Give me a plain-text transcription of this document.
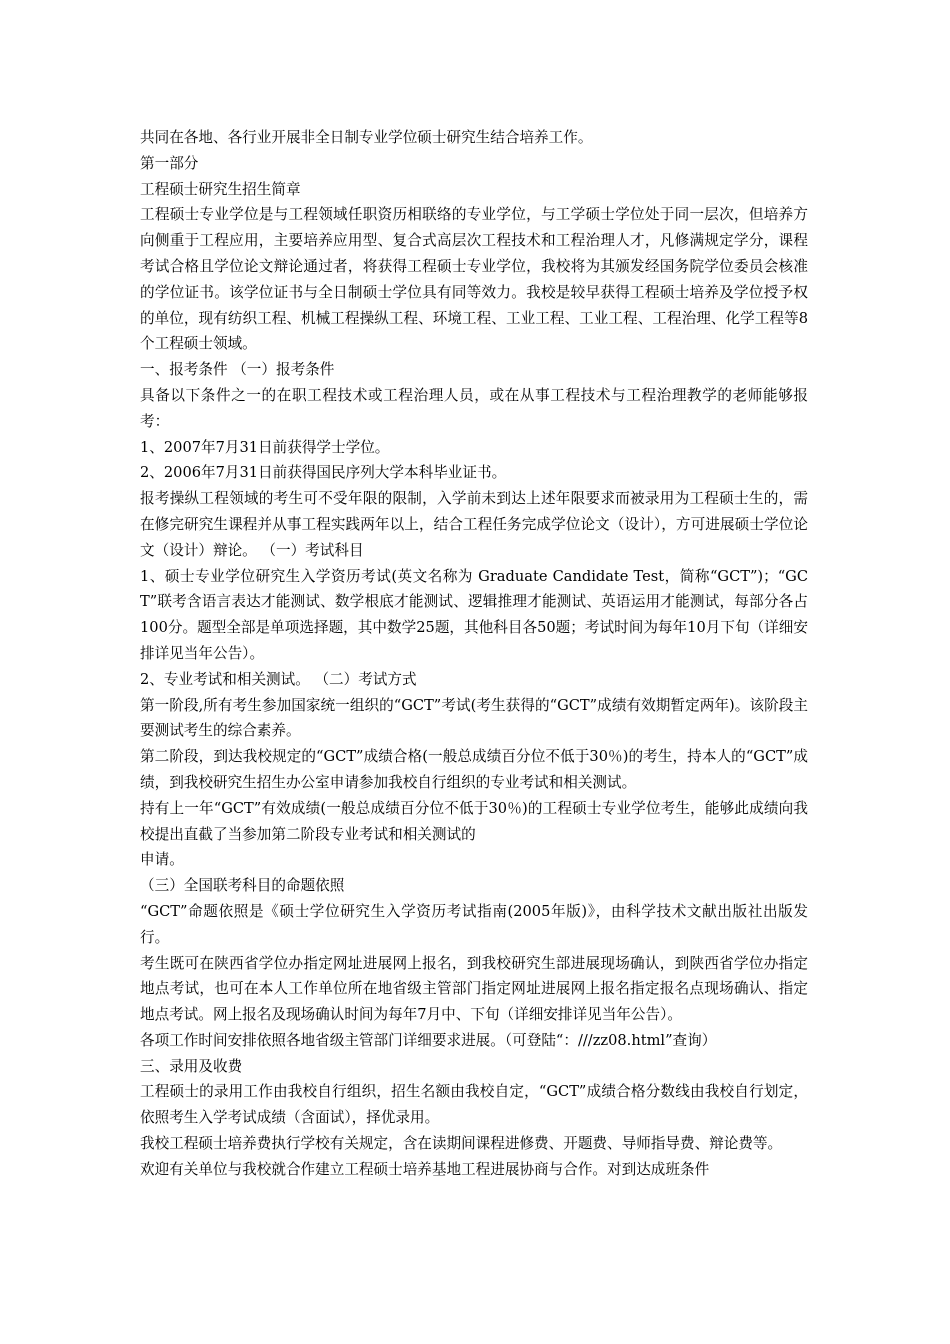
共同在各地、各行业开展非全日制专业学位硕士研究生结合培养工作。

第一部分

工程硕士研究生招生简章

工程硕士专业学位是与工程领域任职资历相联络的专业学位，与工学硕士学位处于同一层次，但培养方向侧重于工程应用，主要培养应用型、复合式高层次工程技术和工程治理人才，凡修满规定学分，课程考试合格且学位论文辩论通过者，将获得工程硕士专业学位，我校将为其颁发经国务院学位委员会核准的学位证书。该学位证书与全日制硕士学位具有同等效力。我校是较早获得工程硕士培养及学位授予权的单位，现有纺织工程、机械工程操纵工程、环境工程、工业工程、工业工程、工程治理、化学工程等8个工程硕士领域。

一、报考条件 （一）报考条件

具备以下条件之一的在职工程技术或工程治理人员，或在从事工程技术与工程治理教学的老师能够报考：

1、2007年7月31日前获得学士学位。

2、2006年7月31日前获得国民序列大学本科毕业证书。

报考操纵工程领域的考生可不受年限的限制，入学前未到达上述年限要求而被录用为工程硕士生的，需在修完研究生课程并从事工程实践两年以上，结合工程任务完成学位论文（设计），方可进展硕士学位论文（设计）辩论。 （一）考试科目

1、硕士专业学位研究生入学资历考试(英文名称为 Graduate Candidate Test，简称“GCT”)；“GCT”联考含语言表达才能测试、数学根底才能测试、逻辑推理才能测试、英语运用才能测试，每部分各占100分。题型全部是单项选择题，其中数学25题，其他科目各50题；考试时间为每年10月下旬（详细安排详见当年公告）。

2、专业考试和相关测试。 （二）考试方式

第一阶段,所有考生参加国家统一组织的“GCT”考试(考生获得的“GCT”成绩有效期暂定两年)。该阶段主要测试考生的综合素养。

第二阶段，到达我校规定的“GCT”成绩合格(一般总成绩百分位不低于30％)的考生，持本人的“GCT”成绩，到我校研究生招生办公室申请参加我校自行组织的专业考试和相关测试。

持有上一年“GCT”有效成绩(一般总成绩百分位不低于30％)的工程硕士专业学位考生，能够此成绩向我校提出直截了当参加第二阶段专业考试和相关测试的

申请。

（三）全国联考科目的命题依照

“GCT”命题依照是《硕士学位研究生入学资历考试指南(2005年版)》，由科学技术文献出版社出版发行。

考生既可在陕西省学位办指定网址进展网上报名，到我校研究生部进展现场确认，到陕西省学位办指定地点考试，也可在本人工作单位所在地省级主管部门指定网址进展网上报名指定报名点现场确认、指定地点考试。网上报名及现场确认时间为每年7月中、下旬（详细安排详见当年公告）。

各项工作时间安排依照各地省级主管部门详细要求进展。（可登陆“：///zz08.html”查询）

三、录用及收费

工程硕士的录用工作由我校自行组织，招生名额由我校自定，“GCT”成绩合格分数线由我校自行划定，依照考生入学考试成绩（含面试），择优录用。

我校工程硕士培养费执行学校有关规定，含在读期间课程进修费、开题费、导师指导费、辩论费等。

欢迎有关单位与我校就合作建立工程硕士培养基地工程进展协商与合作。对到达成班条件
